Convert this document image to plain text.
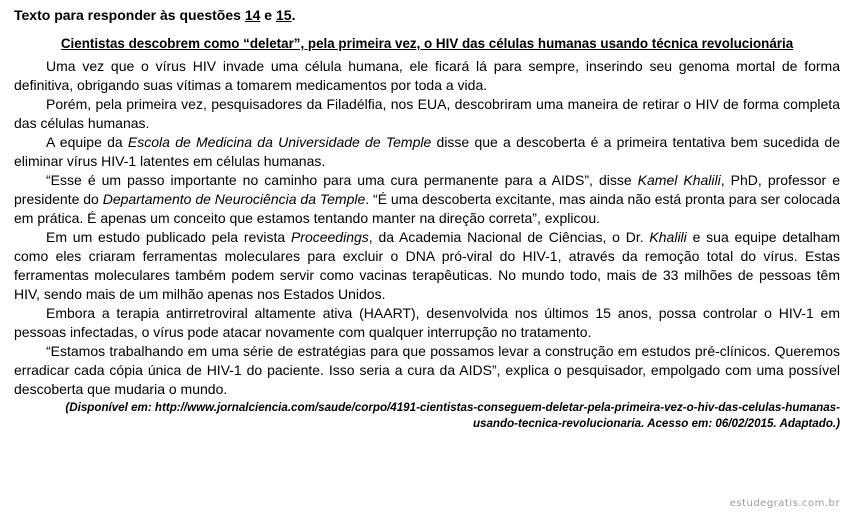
Texto para responder às questões 14 e 15.
Cientistas descobrem como “deletar”, pela primeira vez, o HIV das células humanas usando técnica revolucionária

Uma vez que o vírus HIV invade uma célula humana, ele ficará lá para sempre, inserindo seu genoma mortal de forma definitiva, obrigando suas vítimas a tomarem medicamentos por toda a vida.

Porém, pela primeira vez, pesquisadores da Filadélfia, nos EUA, descobriram uma maneira de retirar o HIV de forma completa das células humanas.

A equipe da Escola de Medicina da Universidade de Temple disse que a descoberta é a primeira tentativa bem sucedida de eliminar vírus HIV-1 latentes em células humanas.

“Esse é um passo importante no caminho para uma cura permanente para a AIDS”, disse Kamel Khalili, PhD, professor e presidente do Departamento de Neurociência da Temple. “É uma descoberta excitante, mas ainda não está pronta para ser colocada em prática. É apenas um conceito que estamos tentando manter na direção correta”, explicou.

Em um estudo publicado pela revista Proceedings, da Academia Nacional de Ciências, o Dr. Khalili e sua equipe detalham como eles criaram ferramentas moleculares para excluir o DNA pró-viral do HIV-1, através da remoção total do vírus. Estas ferramentas moleculares também podem servir como vacinas terapêuticas. No mundo todo, mais de 33 milhões de pessoas têm HIV, sendo mais de um milhão apenas nos Estados Unidos.

Embora a terapia antirretroviral altamente ativa (HAART), desenvolvida nos últimos 15 anos, possa controlar o HIV-1 em pessoas infectadas, o vírus pode atacar novamente com qualquer interrupção no tratamento.

“Estamos trabalhando em uma série de estratégias para que possamos levar a construção em estudos pré-clínicos. Queremos erradicar cada cópia única de HIV-1 do paciente. Isso seria a cura da AIDS”, explica o pesquisador, empolgado com uma possível descoberta que mudaria o mundo.

(Disponível em: http://www.jornalciencia.com/saude/corpo/4191-cientistas-conseguem-deletar-pela-primeira-vez-o-hiv-das-celulas-humanas-
usando-tecnica-revolucionaria. Acesso em: 06/02/2015. Adaptado.)
estudegratis.com.br
